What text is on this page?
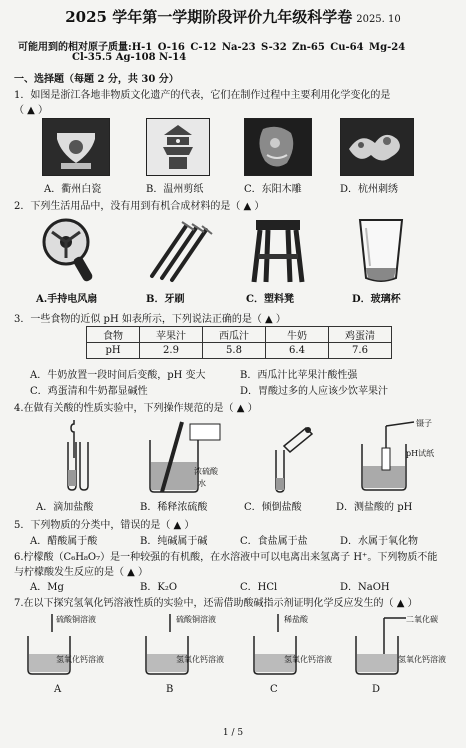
2025 学年第一学期阶段评价九年级科学卷 2025. 10
可能用到的相对原子质量:H-1 O-16 C-12 Na-23 S-32 Zn-65 Cu-64 Mg-24
Cl-35.5 Ag-108 N-14
一、选择题（每题 2 分，共 30 分）
1．如图是浙江各地非物质文化遗产的代表，它们在制作过程中主要利用化学变化的是
（ ▲ ）
A．衢州白瓷	B．温州剪纸	C．东阳木雕	D．杭州刺绣
2．下列生活用品中，没有用到有机合成材料的是（ ▲ ）
A.手持电风扇	B．牙刷	C．塑料凳	D．玻璃杯
3．一些食物的近似 pH 如表所示，下列说法正确的是（ ▲ ）
食物	苹果汁	西瓜汁	牛奶	鸡蛋清
pH	2.9	5.8	6.4	7.6
A．牛奶放置一段时间后变酸，pH 变大	B．西瓜汁比苹果汁酸性强
C．鸡蛋清和牛奶都显碱性	D．胃酸过多的人应该少饮苹果汁
4.在做有关酸的性质实验中，下列操作规范的是（ ▲ ）
浓硫酸
水
镊子
pH试纸
A．滴加盐酸	B．稀释浓硫酸	C．倾倒盐酸	D．测盐酸的 pH
5．下列物质的分类中，错误的是（ ▲ ）
A．醋酸属于酸	B．纯碱属于碱	C．食盐属于盐	D．水属于氧化物
6.柠檬酸（C₆H₈O₇）是一种较强的有机酸，在水溶液中可以电离出来氢离子 H⁺。下列物质不能
与柠檬酸发生反应的是（ ▲ ）
A．Mg	B．K₂O	C．HCl	D．NaOH
7.在以下探究氢氧化钙溶液性质的实验中，还需借助酸碱指示剂证明化学反应发生的（ ▲ ）
硫酸铜溶液
氢氧化钙溶液
硫酸铜溶液
氢氧化钙溶液
稀盐酸
氢氧化钙溶液
二氧化碳
氢氧化钙溶液
A	B	C	D
1 / 5
